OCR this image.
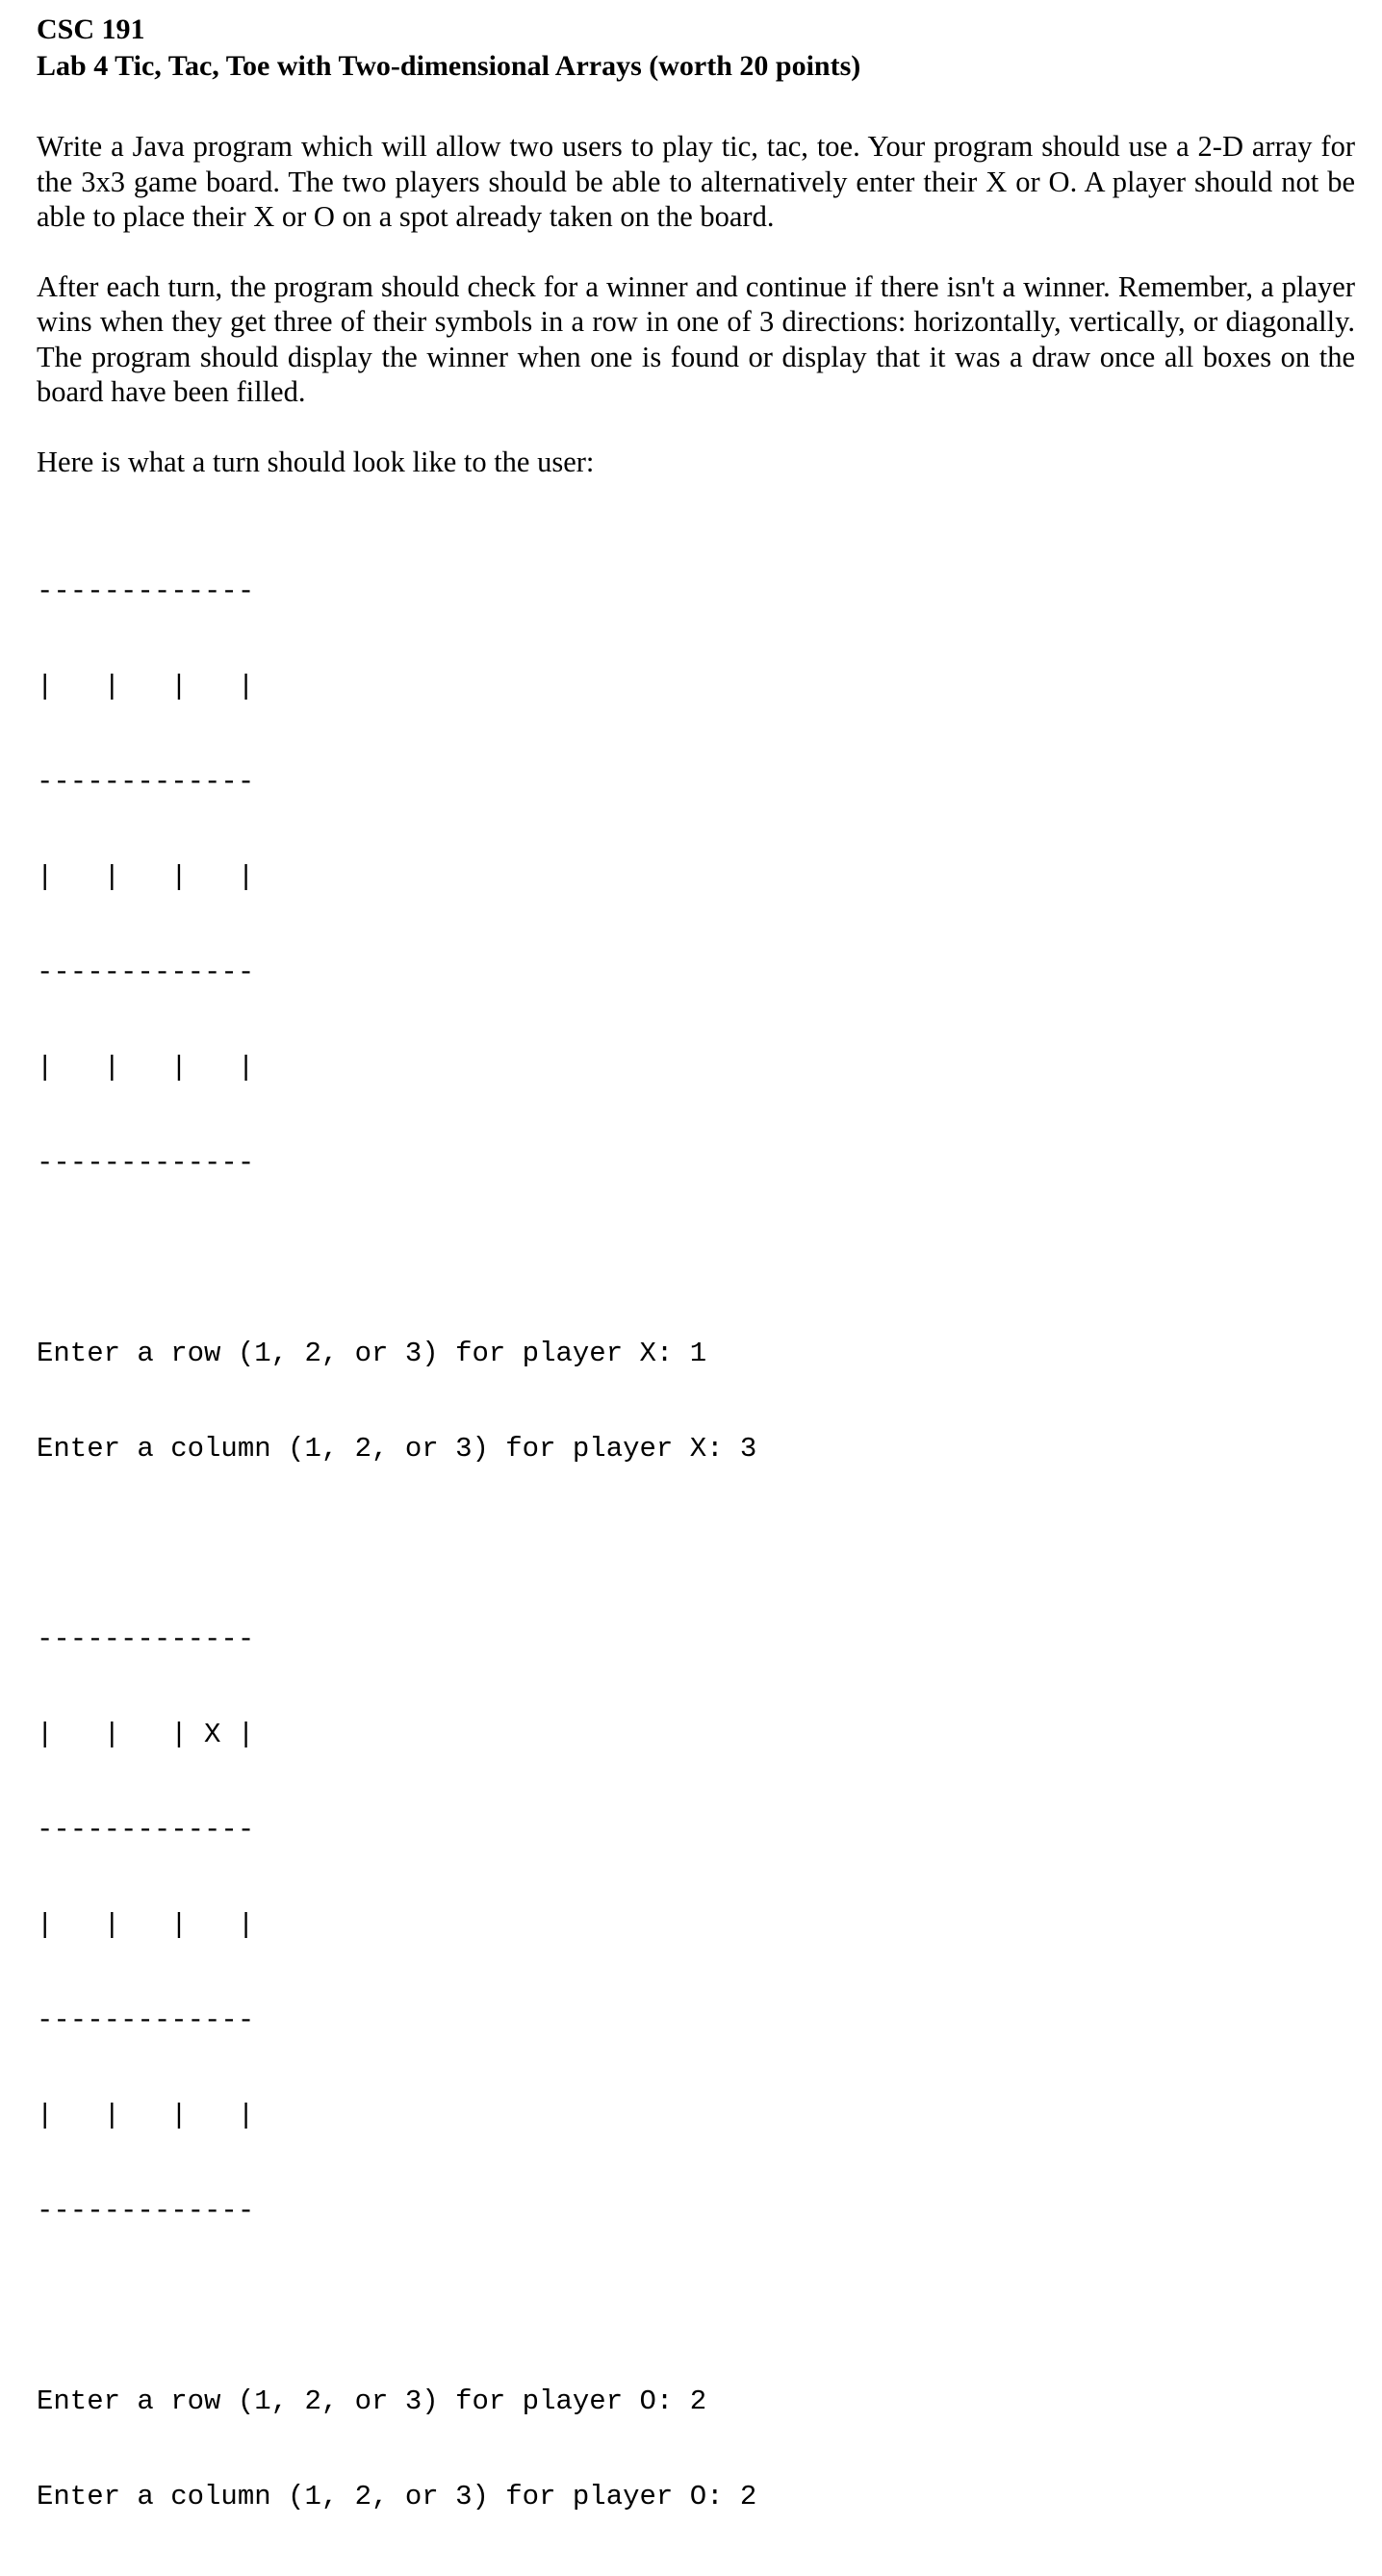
CSC 191

Lab 4 Tic, Tac, Toe with Two-dimensional Arrays (worth 20 points)

Write a Java program which will allow two users to play tic, tac, toe. Your program should use a 2-D array for the 3x3 game board. The two players should be able to alternatively enter their X or O. A player should not be able to place their X or O on a spot already taken on the board.

After each turn, the program should check for a winner and continue if there isn't a winner. Remember, a player wins when they get three of their symbols in a row in one of 3 directions: horizontally, vertically, or diagonally. The program should display the winner when one is found or display that it was a draw once all boxes on the board have been filled.

Here is what a turn should look like to the user:

-------------

|   |   |   |

-------------

|   |   |   |

-------------

|   |   |   |

-------------

Enter a row (1, 2, or 3) for player X: 1

Enter a column (1, 2, or 3) for player X: 3

-------------

|   |   | X |

-------------

|   |   |   |

-------------

|   |   |   |

-------------

Enter a row (1, 2, or 3) for player O: 2

Enter a column (1, 2, or 3) for player O: 2
